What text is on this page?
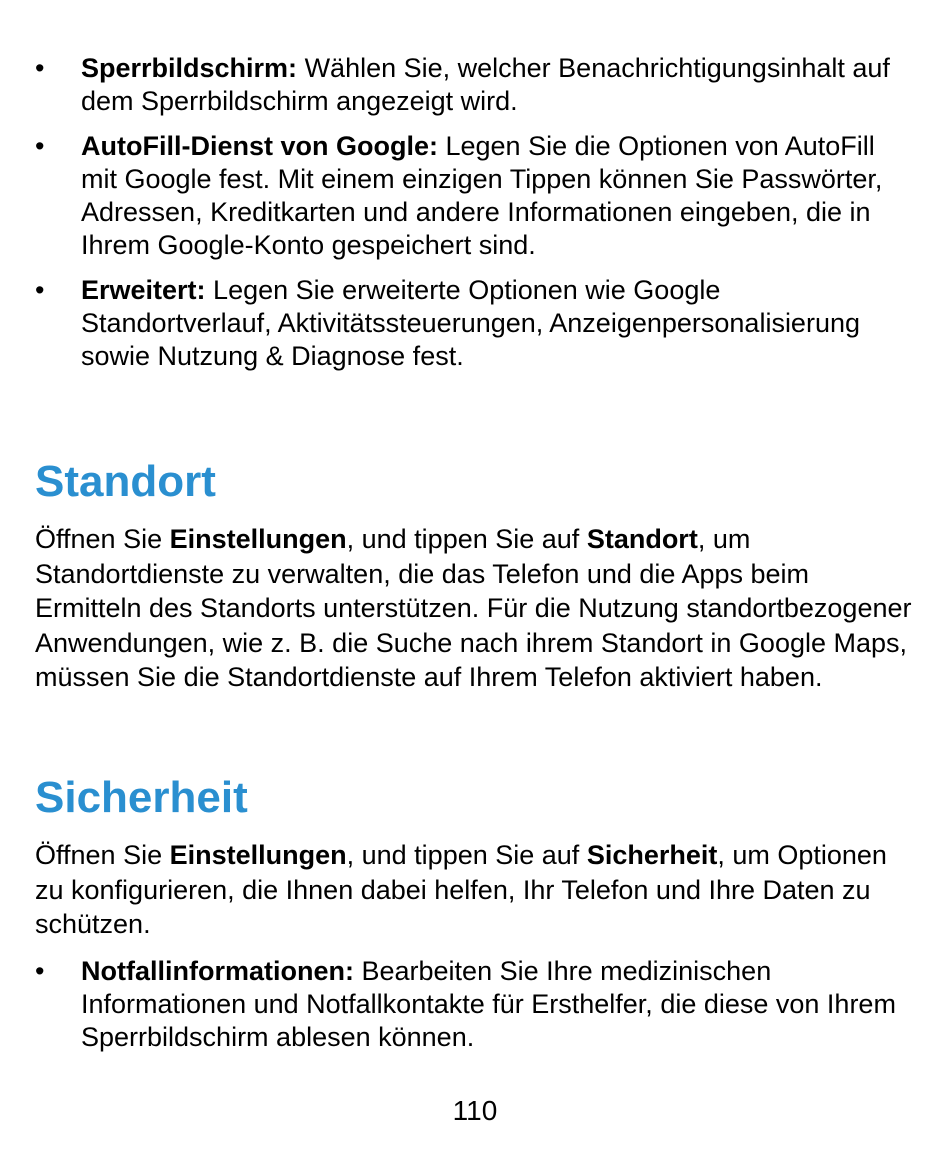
•	Sperrbildschirm: Wählen Sie, welcher Benachrichtigungsinhalt auf dem Sperrbildschirm angezeigt wird.
•	AutoFill-Dienst von Google: Legen Sie die Optionen von AutoFill mit Google fest. Mit einem einzigen Tippen können Sie Passwörter, Adressen, Kreditkarten und andere Informationen eingeben, die in Ihrem Google-Konto gespeichert sind.
•	Erweitert: Legen Sie erweiterte Optionen wie Google Standortverlauf, Aktivitätssteuerungen, Anzeigenpersonalisierung sowie Nutzung & Diagnose fest.
Standort

Öffnen Sie Einstellungen, und tippen Sie auf Standort, um Standortdienste zu verwalten, die das Telefon und die Apps beim Ermitteln des Standorts unterstützen. Für die Nutzung standortbezogener Anwendungen, wie z. B. die Suche nach ihrem Standort in Google Maps, müssen Sie die Standortdienste auf Ihrem Telefon aktiviert haben.

Sicherheit

Öffnen Sie Einstellungen, und tippen Sie auf Sicherheit, um Optionen zu konfigurieren, die Ihnen dabei helfen, Ihr Telefon und Ihre Daten zu schützen.

•	Notfallinformationen: Bearbeiten Sie Ihre medizinischen Informationen und Notfallkontakte für Ersthelfer, die diese von Ihrem Sperrbildschirm ablesen können.
110
